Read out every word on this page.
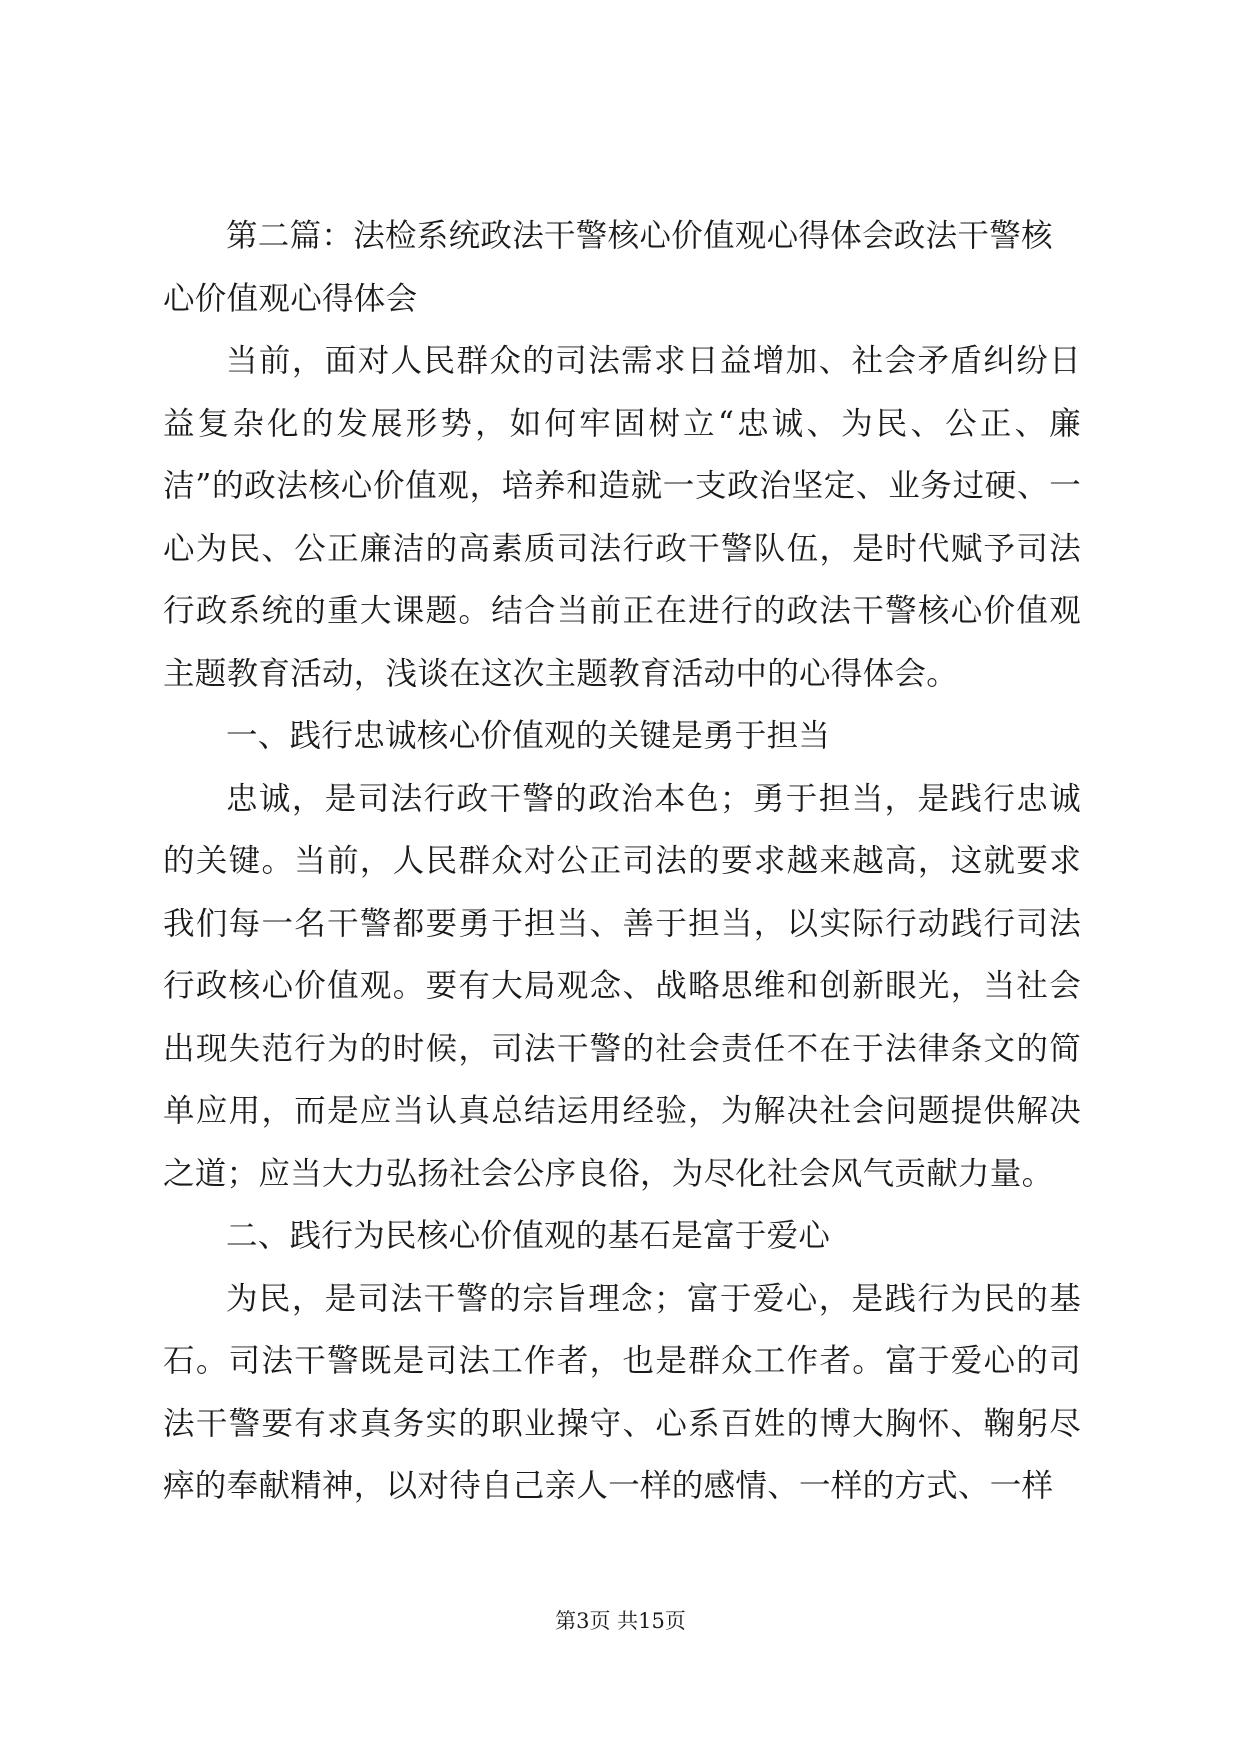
第二篇：法检系统政法干警核心价值观心得体会政法干警核心价值观心得体会

当前，面对人民群众的司法需求日益增加、社会矛盾纠纷日益复杂化的发展形势，如何牢固树立“忠诚、为民、公正、廉洁”的政法核心价值观，培养和造就一支政治坚定、业务过硬、一心为民、公正廉洁的高素质司法行政干警队伍，是时代赋予司法行政系统的重大课题。结合当前正在进行的政法干警核心价值观主题教育活动，浅谈在这次主题教育活动中的心得体会。

一、践行忠诚核心价值观的关键是勇于担当

忠诚，是司法行政干警的政治本色；勇于担当，是践行忠诚的关键。当前，人民群众对公正司法的要求越来越高，这就要求我们每一名干警都要勇于担当、善于担当，以实际行动践行司法行政核心价值观。要有大局观念、战略思维和创新眼光，当社会出现失范行为的时候，司法干警的社会责任不在于法律条文的简单应用，而是应当认真总结运用经验，为解决社会问题提供解决之道；应当大力弘扬社会公序良俗，为尽化社会风气贡献力量。

二、践行为民核心价值观的基石是富于爱心

为民，是司法干警的宗旨理念；富于爱心，是践行为民的基石。司法干警既是司法工作者，也是群众工作者。富于爱心的司法干警要有求真务实的职业操守、心系百姓的博大胸怀、鞠躬尽瘁的奉献精神，以对待自己亲人一样的感情、一样的方式、一样

第3页 共15页
